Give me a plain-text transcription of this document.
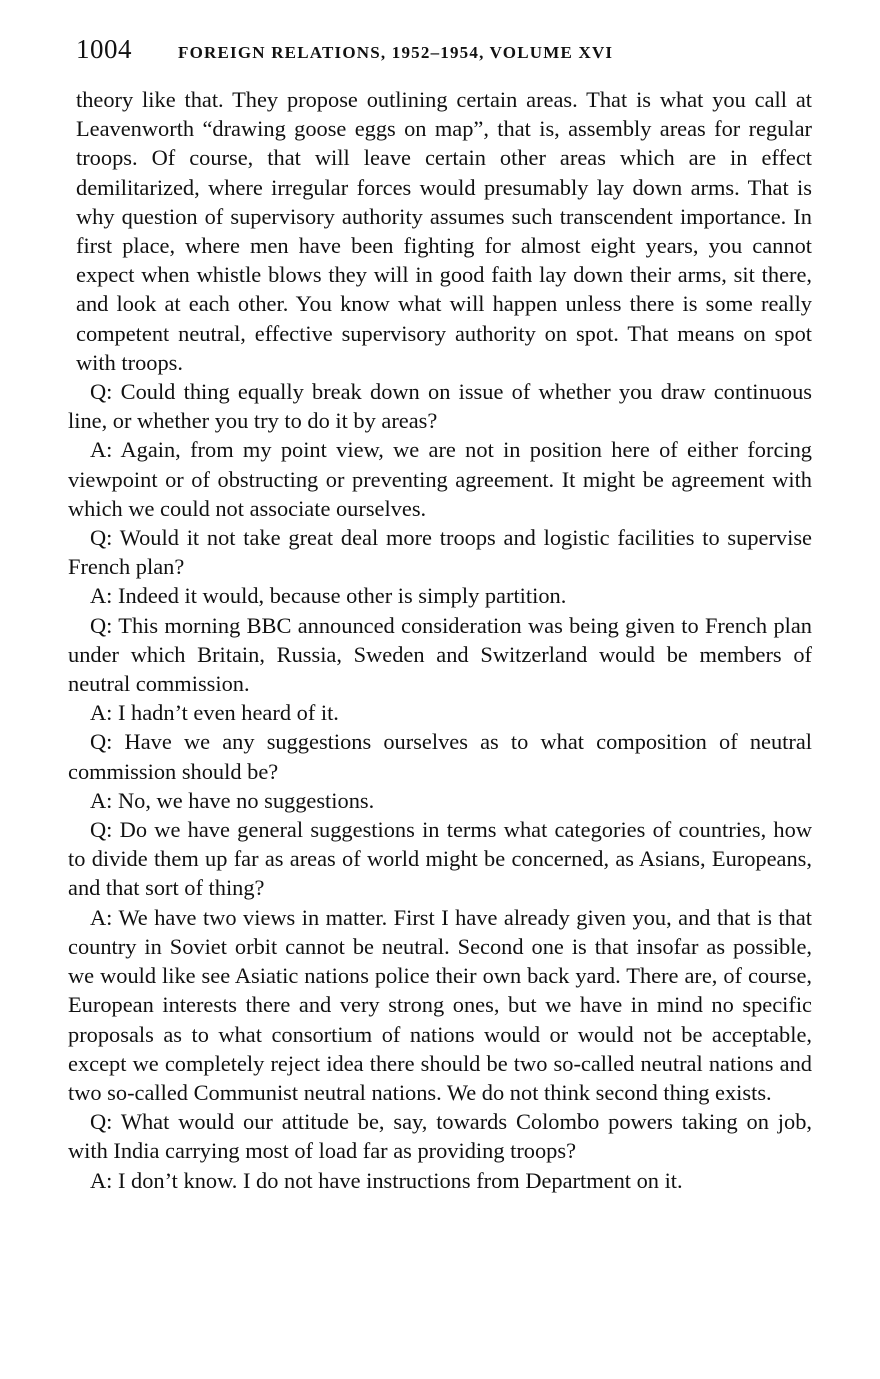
1004	FOREIGN RELATIONS, 1952–1954, VOLUME XVI

theory like that. They propose outlining certain areas. That is what you call at Leavenworth “drawing goose eggs on map”, that is, assembly areas for regular troops. Of course, that will leave certain other areas which are in effect demilitarized, where irregular forces would presumably lay down arms. That is why question of supervisory authority assumes such transcendent importance. In first place, where men have been fighting for almost eight years, you cannot expect when whistle blows they will in good faith lay down their arms, sit there, and look at each other. You know what will happen unless there is some really competent neutral, effective supervisory authority on spot. That means on spot with troops.

Q: Could thing equally break down on issue of whether you draw continuous line, or whether you try to do it by areas?

A: Again, from my point view, we are not in position here of either forcing viewpoint or of obstructing or preventing agreement. It might be agreement with which we could not associate ourselves.

Q: Would it not take great deal more troops and logistic facilities to supervise French plan?

A: Indeed it would, because other is simply partition.

Q: This morning BBC announced consideration was being given to French plan under which Britain, Russia, Sweden and Switzerland would be members of neutral commission.

A: I hadn’t even heard of it.

Q: Have we any suggestions ourselves as to what composition of neutral commission should be?

A: No, we have no suggestions.

Q: Do we have general suggestions in terms what categories of countries, how to divide them up far as areas of world might be concerned, as Asians, Europeans, and that sort of thing?

A: We have two views in matter. First I have already given you, and that is that country in Soviet orbit cannot be neutral. Second one is that insofar as possible, we would like see Asiatic nations police their own back yard. There are, of course, European interests there and very strong ones, but we have in mind no specific proposals as to what consortium of nations would or would not be acceptable, except we completely reject idea there should be two so-called neutral nations and two so-called Communist neutral nations. We do not think second thing exists.

Q: What would our attitude be, say, towards Colombo powers taking on job, with India carrying most of load far as providing troops?

A: I don’t know. I do not have instructions from Department on it.
